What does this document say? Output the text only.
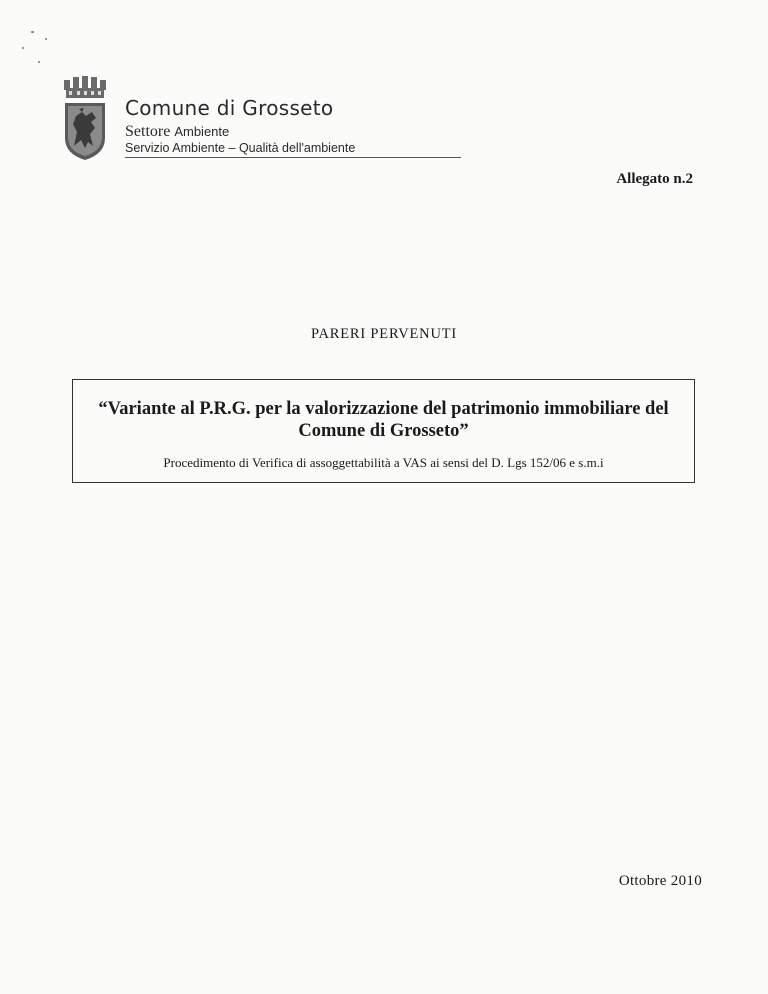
Comune di Grosseto
Settore Ambiente
Servizio Ambiente – Qualità dell'ambiente
Allegato n.2
PARERI PERVENUTI
“Variante al P.R.G. per la valorizzazione del patrimonio immobiliare del
Comune di Grosseto”
Procedimento di Verifica di assoggettabilità a VAS ai sensi del D. Lgs 152/06 e s.m.i
Ottobre 2010
